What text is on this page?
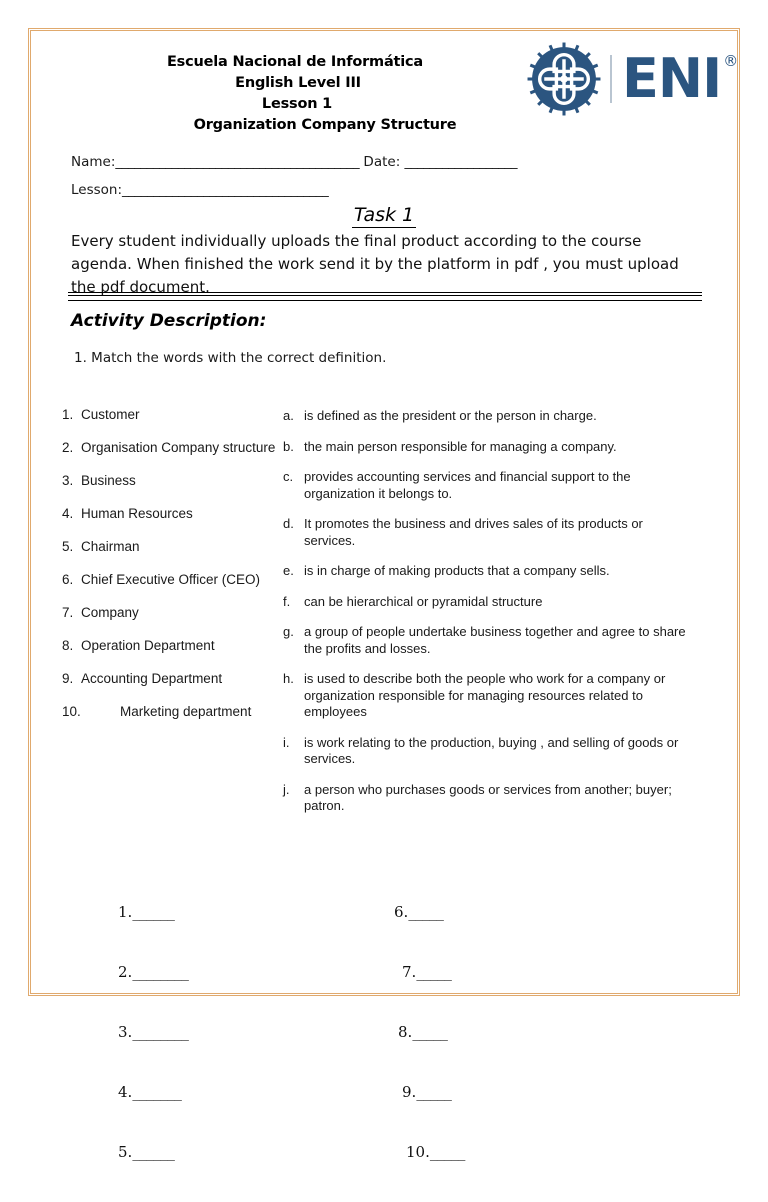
Escuela Nacional de Informática
English Level III
Lesson 1
Organization Company Structure
ENI ®
Name:_______________________________________ Date: __________________
Lesson:_________________________________
Task 1
Every student individually uploads the final product according to the course agenda. When finished the work send it by the platform in pdf , you must upload the pdf document.
Activity Description:
1. Match the words with the correct definition.
1. Customer
2. Organisation Company structure
3. Business
4. Human Resources
5. Chairman
6. Chief Executive Officer (CEO)
7. Company
8. Operation Department
9. Accounting Department
10.	Marketing department
a. is defined as the president or the person in charge.
b. the main person responsible for managing a company.
c. provides accounting services and financial support to the organization it belongs to.
d. It promotes the business and drives sales of its products or services.
e. is in charge of making products that a company sells.
f.	can be hierarchical or pyramidal structure
g. a group of people undertake business together and agree to share the profits and losses.
h. is used to describe both the people who work for a company or organization responsible for managing resources related to employees
i.	is work relating to the production, buying , and selling of goods or services.
j.	a person who purchases goods or services from another; buyer; patron.

1.______

2.________

3.________

4._______

5.______

6._____

7._____

8._____

9._____

10._____
